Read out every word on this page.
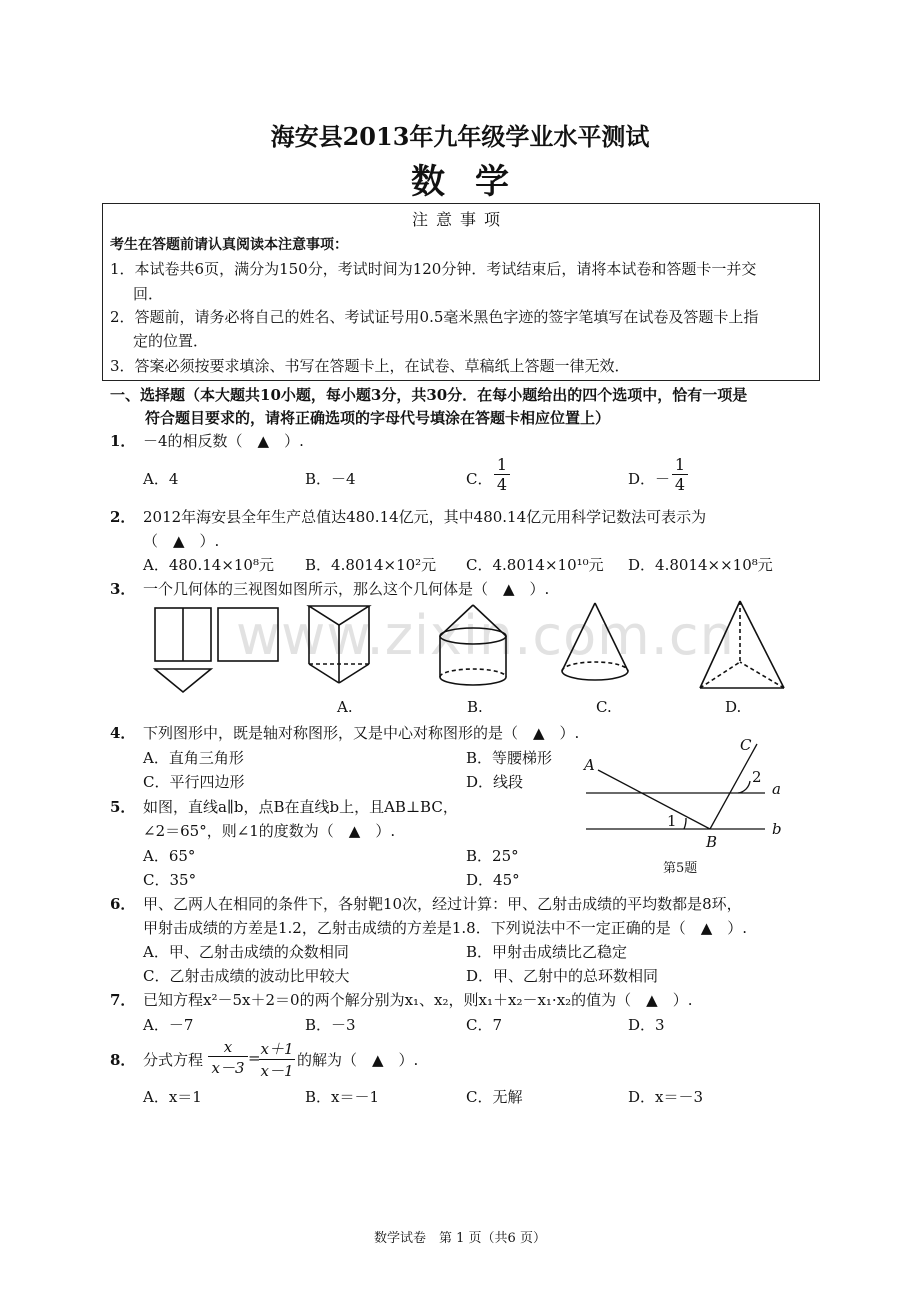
www.zixin.com.cn
海安县2013年九年级学业水平测试
数学
注意事项
考生在答题前请认真阅读本注意事项：
1．本试卷共6页，满分为150分，考试时间为120分钟．考试结束后，请将本试卷和答题卡一并交
回．
2．答题前，请务必将自己的姓名、考试证号用0.5毫米黑色字迹的签字笔填写在试卷及答题卡上指
定的位置．
3．答案必须按要求填涂、书写在答题卡上，在试卷、草稿纸上答题一律无效．
一、选择题（本大题共10小题，每小题3分，共30分．在每小题给出的四个选项中，恰有一项是
符合题目要求的，请将正确选项的字母代号填涂在答题卡相应位置上）
1． －4的相反数（　▲　）.
A．4	B．－4	C．
1
4	D．－
1
4
2． 2012年海安县全年生产总值达480.14亿元，其中480.14亿元用科学记数法可表示为
（　▲　）.
A．480.14×10⁸元 B．4.8014×10²元 C．4.8014×10¹⁰元 D．4.8014××10⁸元
3． 一个几何体的三视图如图所示，那么这个几何体是（　▲　）.
A.	B.	C.	D.
4． 下列图形中，既是轴对称图形，又是中心对称图形的是（　▲　）.
A．直角三角形	B．等腰梯形
C．平行四边形	D．线段
5． 如图，直线a∥b，点B在直线b上，且AB⊥BC，
∠2＝65°，则∠1的度数为（　▲　）.
A．65°	B．25°
C．35°	D．45°
A
C
2
a
1	b
B
第5题
6． 甲、乙两人在相同的条件下，各射靶10次，经过计算：甲、乙射击成绩的平均数都是8环，
甲射击成绩的方差是1.2，乙射击成绩的方差是1.8．下列说法中不一定正确的是（　▲　）.
A．甲、乙射击成绩的众数相同	B．甲射击成绩比乙稳定
C．乙射击成绩的波动比甲较大	D．甲、乙射中的总环数相同
7． 已知方程x²－5x＋2＝0的两个解分别为x₁、x₂，则x₁＋x₂－x₁·x₂的值为（　▲　）.
A．－7	B．－3	C．7	D．3
8． 分式方程
x
x－3
= x＋1
x－1
的解为（　▲　）.
A．x＝1	B．x＝－1	C．无解	D．x＝－3
数学试卷　第 1 页（共6 页）
